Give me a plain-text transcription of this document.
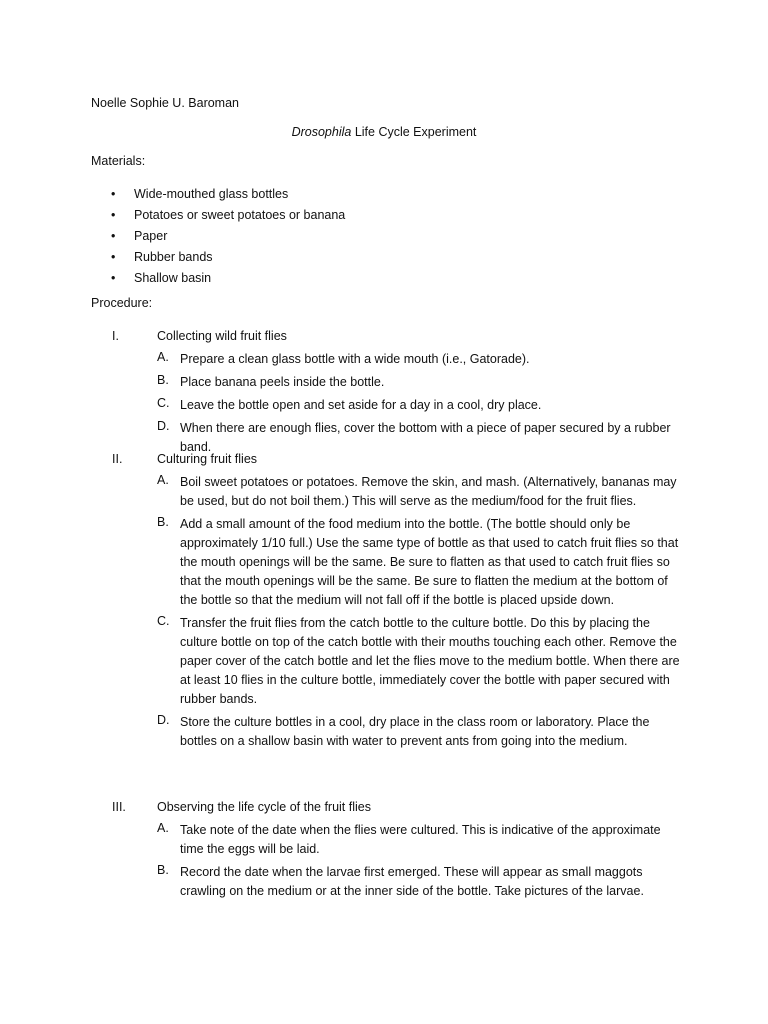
Noelle Sophie U. Baroman

Drosophila Life Cycle Experiment

Materials:

• Wide-mouthed glass bottles
• Potatoes or sweet potatoes or banana
• Paper
• Rubber bands
• Shallow basin

Procedure:

I.	Collecting wild fruit flies
A. Prepare a clean glass bottle with a wide mouth (i.e., Gatorade).
B. Place banana peels inside the bottle.
C. Leave the bottle open and set aside for a day in a cool, dry place.
D. When there are enough flies, cover the bottom with a piece of paper secured by a rubber band.
II.	Culturing fruit flies
A. Boil sweet potatoes or potatoes. Remove the skin, and mash. (Alternatively, bananas may be used, but do not boil them.) This will serve as the medium/food for the fruit flies.
B. Add a small amount of the food medium into the bottle. (The bottle should only be approximately 1/10 full.) Use the same type of bottle as that used to catch fruit flies so that the mouth openings will be the same. Be sure to flatten as that used to catch fruit flies so that the mouth openings will be the same. Be sure to flatten the medium at the bottom of the bottle so that the medium will not fall off if the bottle is placed upside down.
C. Transfer the fruit flies from the catch bottle to the culture bottle. Do this by placing the culture bottle on top of the catch bottle with their mouths touching each other. Remove the paper cover of the catch bottle and let the flies move to the medium bottle. When there are at least 10 flies in the culture bottle, immediately cover the bottle with paper secured with rubber bands.
D. Store the culture bottles in a cool, dry place in the class room or laboratory. Place the bottles on a shallow basin with water to prevent ants from going into the medium.
III. Observing the life cycle of the fruit flies
A. Take note of the date when the flies were cultured. This is indicative of the approximate time the eggs will be laid.
B. Record the date when the larvae first emerged. These will appear as small maggots crawling on the medium or at the inner side of the bottle. Take pictures of the larvae.
